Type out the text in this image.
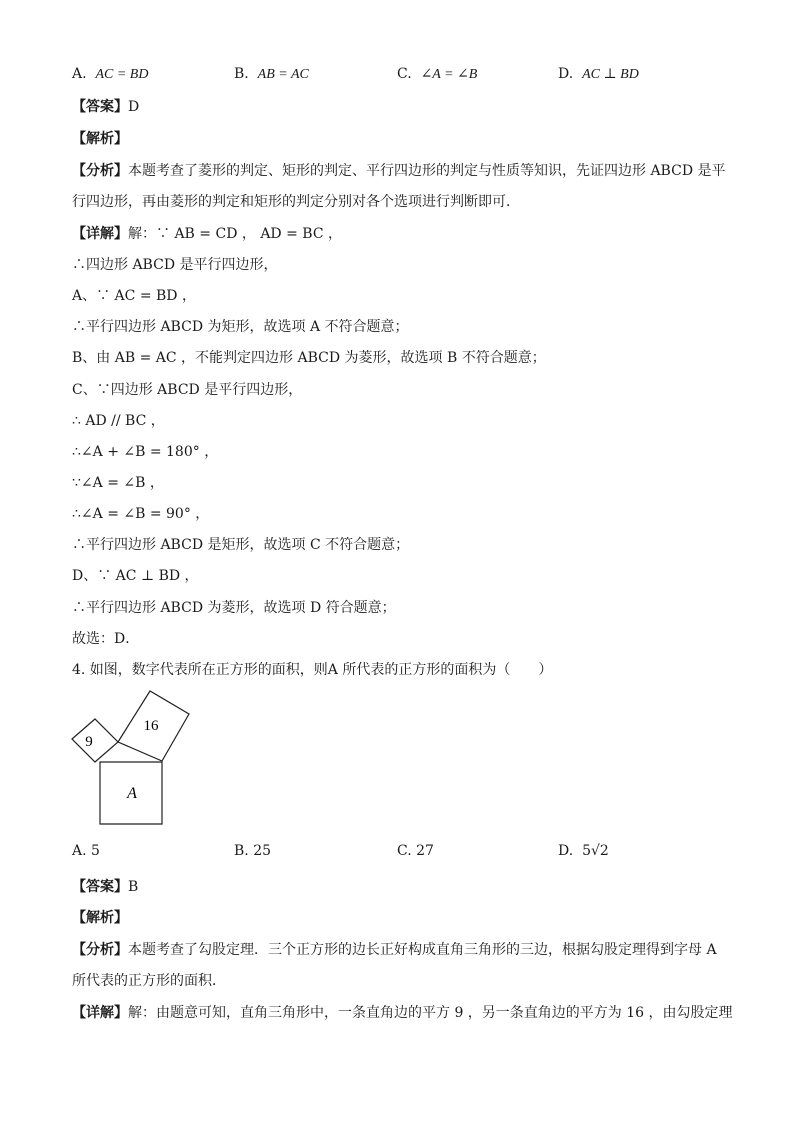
A. AC = BD	B. AB = AC	C. ∠A = ∠B	D. AC ⊥ BD
【答案】D
【解析】
【分析】本题考查了菱形的判定、矩形的判定、平行四边形的判定与性质等知识，先证四边形 ABCD 是平
行四边形，再由菱形的判定和矩形的判定分别对各个选项进行判断即可．
【详解】解：∵ AB = CD ， AD = BC ，
∴四边形 ABCD 是平行四边形，
A、∵ AC = BD ，
∴平行四边形 ABCD 为矩形，故选项 A 不符合题意；
B、由 AB = AC ，不能判定四边形 ABCD 为菱形，故选项 B 不符合题意；
C、∵四边形 ABCD 是平行四边形，
∴ AD // BC ，
∴∠A + ∠B = 180° ，
∵∠A = ∠B ，
∴∠A = ∠B = 90° ，
∴平行四边形 ABCD 是矩形，故选项 C 不符合题意；
D、∵ AC ⊥ BD ，
∴平行四边形 ABCD 为菱形，故选项 D 符合题意；
故选：D．
4. 如图，数字代表所在正方形的面积，则A 所代表的正方形的面积为（　　）
9
16
A
A. 5	B. 25	C. 27	D. 5√2
【答案】B
【解析】
【分析】本题考查了勾股定理．三个正方形的边长正好构成直角三角形的三边，根据勾股定理得到字母 A
所代表的正方形的面积．
【详解】解：由题意可知，直角三角形中，一条直角边的平方 9 ，另一条直角边的平方为 16 ，由勾股定理
